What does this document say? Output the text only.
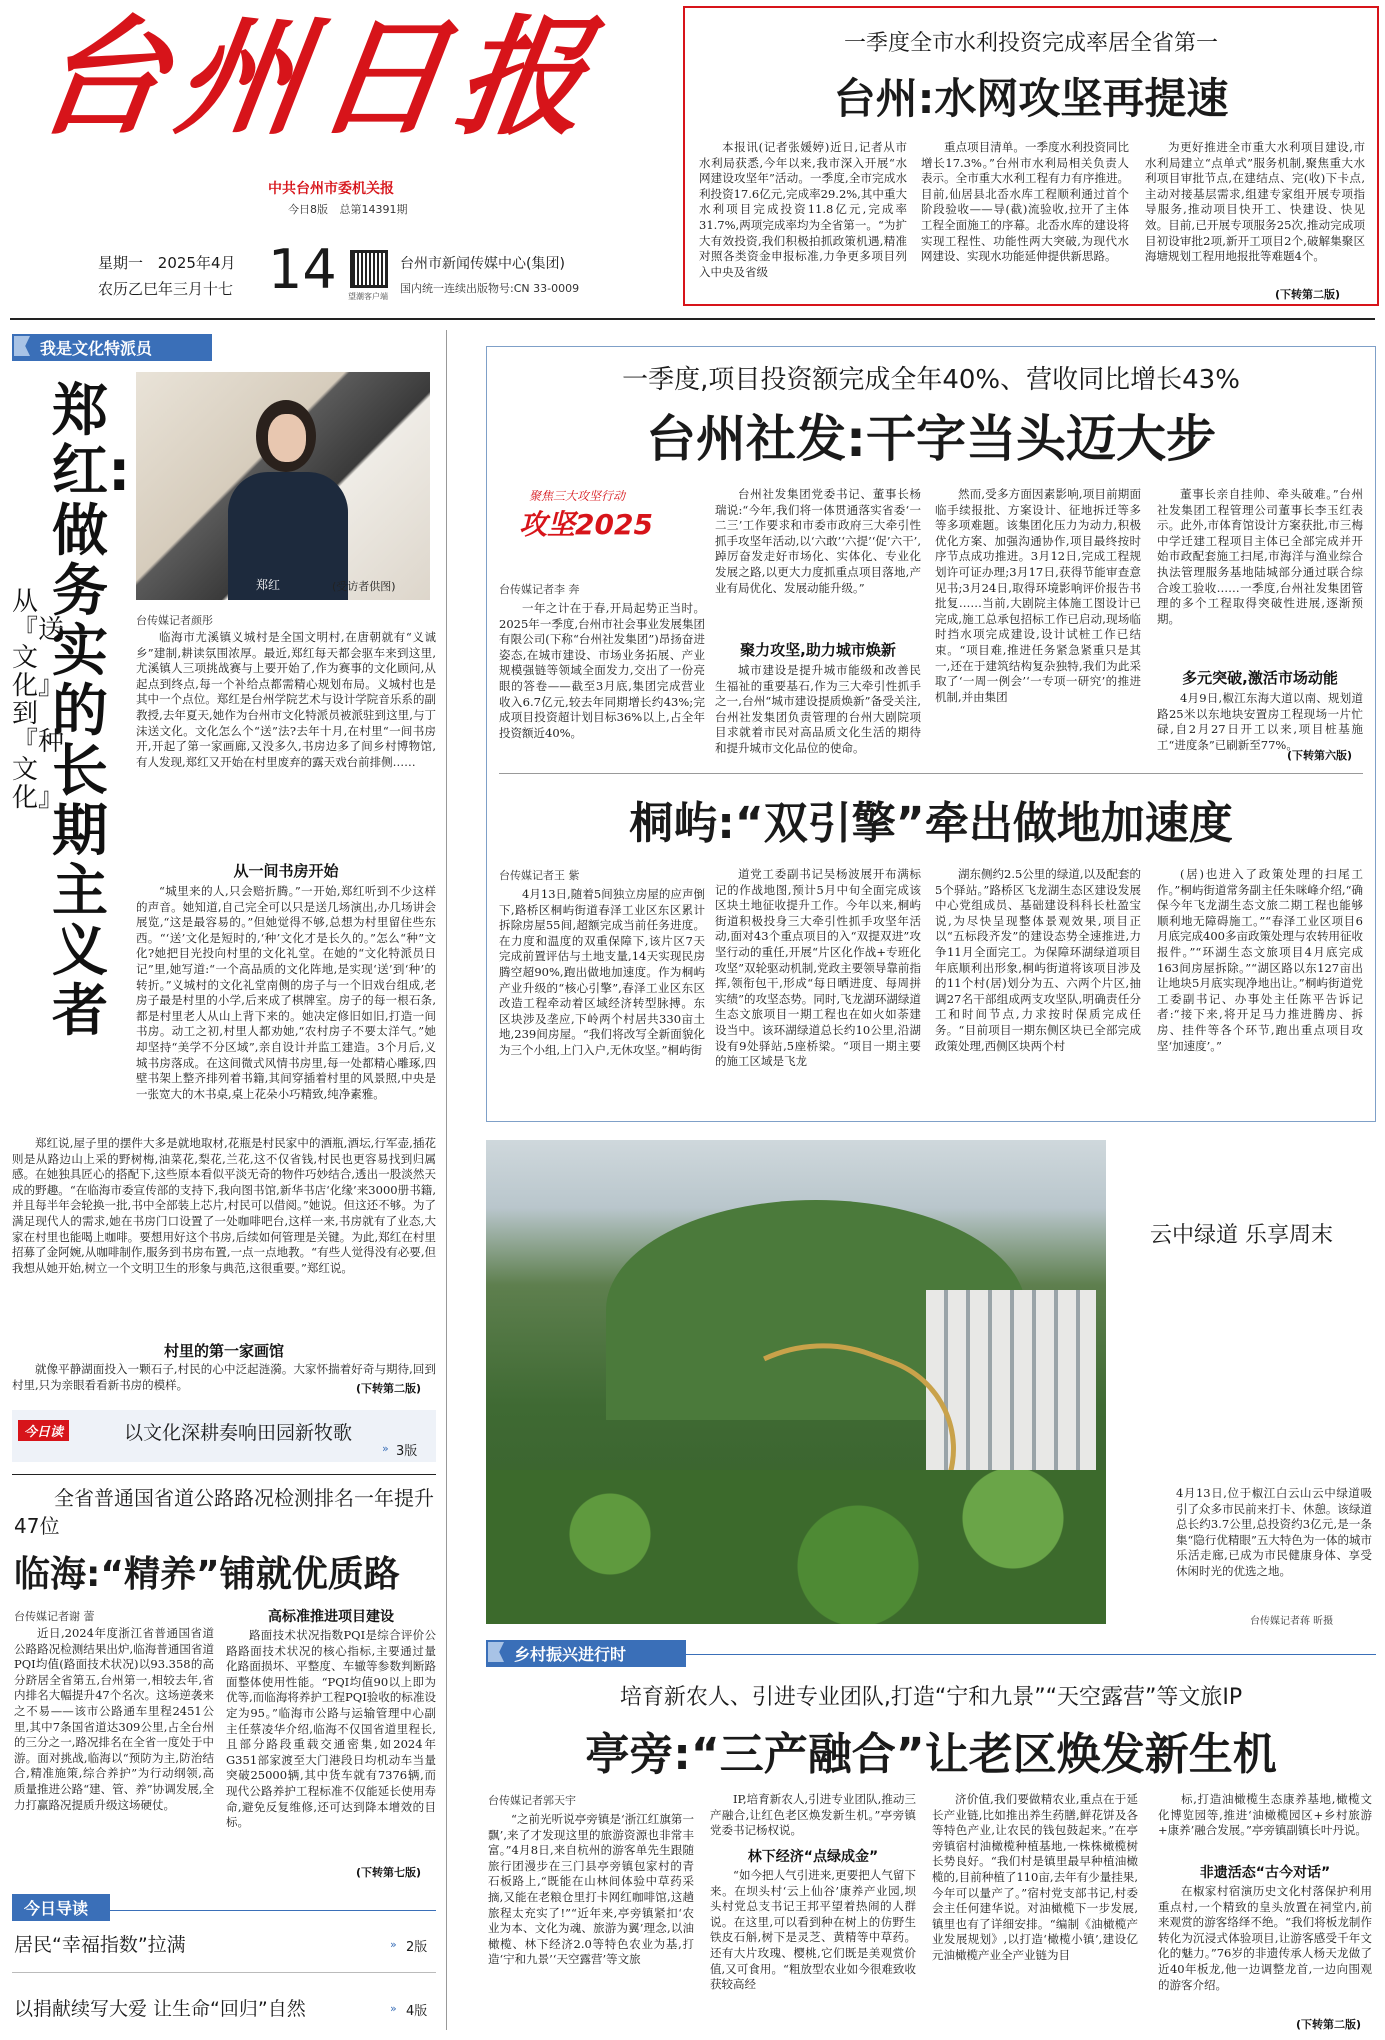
台州日报
中共台州市委机关报
今日8版 总第14391期
星期一 2025年4月
农历乙巳年三月十七 14 望潮客户端
台州市新闻传媒中心(集团)
国内统一连续出版物号:CN 33-0009
一季度全市水利投资完成率居全省第一
台州:水网攻坚再提速
本报讯(记者张媛婷)近日,记者从市水利局获悉,今年以来,我市深入开展“水网建设攻坚年”活动。一季度,全市完成水利投资17.6亿元,完成率29.2%,其中重大水利项目完成投资11.8亿元,完成率31.7%,两项完成率均为全省第一。“为扩大有效投资,我们积极拍抓政策机遇,精准对照各类资金申报标准,力争更多项目列入中央及省级
重点项目清单。一季度水利投资同比增长17.3%。”台州市水利局相关负责人表示。全市重大水利工程有力有序推进。目前,仙居县北岙水库工程顺利通过首个阶段验收——导(截)流验收,拉开了主体工程全面施工的序幕。北岙水库的建设将实现工程性、功能性两大突破,为现代水网建设、实现水功能延伸提供新思路。
为更好推进全市重大水利项目建设,市水利局建立“点单式”服务机制,聚焦重大水利项目审批节点,在建结点、完(收)下卡点,主动对接基层需求,组建专家组开展专项指导服务,推动项目快开工、快建设、快见效。目前,已开展专项服务25次,推动完成项目初设审批2项,新开工项目2个,破解集聚区海塘规划工程用地报批等难题4个。
(下转第二版)
我是文化特派员
郑红:做务实的长期主义者
从『送文化』到『种文化』
郑红	(受访者供图)
台传媒记者颜彤
临海市尤溪镇义城村是全国文明村,在唐朝就有“义诚乡”建制,耕读氛围浓厚。最近,郑红每天都会驱车来到这里,尤溪镇人三项挑战赛与上要开始了,作为赛事的文化顾问,从起点到终点,每一个补给点都需精心规划布局。义城村也是其中一个点位。郑红是台州学院艺术与设计学院音乐系的副教授,去年夏天,她作为台州市文化特派员被派驻到这里,与丁沫送文化。文化怎么个“送”法?去年十月,在村里“一间书房开,开起了第一家画廊,又没多久,书房边多了间乡村博物馆,有人发现,郑红又开始在村里废弃的露天戏台前排侧……
从一间书房开始
“城里来的人,只会赔折腾。”一开始,郑红听到不少这样的声音。她知道,自己完全可以只是送几场演出,办几场讲会展览,“这是最容易的。”但她觉得不够,总想为村里留住些东西。“‘送’文化是短时的,‘种’文化才是长久的。”怎么“种”文化?她把目光投向村里的文化礼堂。在她的“文化特派员日记”里,她写道:“一个高品质的文化阵地,是实现‘送’到‘种’的转折。”义城村的文化礼堂南侧的房子与一个旧戏台组成,老房子最是村里的小学,后来成了棋牌室。房子的每一根石条,都是村里老人从山上背下来的。她决定修旧如旧,打造一间书房。动工之初,村里人都劝她,“农村房子不要太洋气。”她却坚持“美学不分区域”,亲自设计并监工建造。3个月后,义城书房落成。在这间微式风情书房里,每一处都精心雕琢,四壁书架上整齐排列着书籍,其间穿插着村里的风景照,中央是一张宽大的木书桌,桌上花朵小巧精致,纯净素雅。
郑红说,屋子里的摆件大多是就地取材,花瓶是村民家中的酒瓶,酒坛,行军壶,插花则是从路边山上采的野树梅,油菜花,梨花,兰花,这不仅省钱,村民也更容易找到归属感。在她独具匠心的搭配下,这些原本看似平淡无奇的物件巧妙结合,透出一股淡然天成的野趣。“在临海市委宣传部的支持下,我向图书馆,新华书店‘化缘’来3000册书籍,并且每半年会轮换一批,书中全部装上芯片,村民可以借阅。”她说。但这还不够。为了满足现代人的需求,她在书房门口设置了一处咖啡吧台,这样一来,书房就有了业态,大家在村里也能喝上咖啡。要想用好这个书房,后续如何管理是关键。为此,郑红在村里招募了金阿婉,从咖啡制作,服务到书房布置,一点一点地教。“有些人觉得没有必要,但我想从她开始,树立一个文明卫生的形象与典范,这很重要。”郑红说。
村里的第一家画馆
就像平静湖面投入一颗石子,村民的心中泛起涟漪。大家怀揣着好奇与期待,回到村里,只为亲眼看看新书房的模样。	(下转第二版)
今日读	以文化深耕奏响田园新牧歌
» 3版
全省普通国省道公路路况检测排名一年提升47位
临海:“精养”铺就优质路
台传媒记者谢 蕾
近日,2024年度浙江省普通国省道公路路况检测结果出炉,临海普通国省道PQI均值(路面技术状况)以93.358的高分跻居全省第五,台州第一,相较去年,省内排名大幅提升47个名次。这场逆袭来之不易——该市公路通车里程2451公里,其中7条国省道达309公里,占全台州的三分之一,路况排名在全省一度处于中游。面对挑战,临海以“预防为主,防治结合,精准施策,综合养护”为行动纲领,高质量推进公路“建、管、养”协调发展,全力打赢路况提质升级这场硬仗。
高标准推进项目建设
路面技术状况指数PQI是综合评价公路路面技术状况的核心指标,主要通过量化路面损坏、平整度、车辙等参数判断路面整体使用性能。“PQI均值90以上即为优等,而临海将养护工程PQI验收的标准设定为95。”临海市公路与运输管理中心副主任蔡凌华介绍,临海不仅国省道里程长,且部分路段重载交通密集,如2024年G351部家渡至大门港段日均机动车当量突破25000辆,其中货车就有7376辆,而现代公路养护工程标准不仅能延长使用寿命,避免反复维修,还可达到降本增效的目标。
(下转第七版)
今日导读
居民“幸福指数”拉满	2版
»
以捐献续写大爱 让生命“回归”自然	4版
»
一季度,项目投资额完成全年40%、营收同比增长43%
台州社发:干字当头迈大步
聚焦三大攻坚行动
攻坚2025
台传媒记者李 奔
一年之计在于春,开局起势正当时。2025年一季度,台州市社会事业发展集团有限公司(下称“台州社发集团”)昂扬奋进姿态,在城市建设、市场业务拓展、产业规模强链等领域全面发力,交出了一份亮眼的答卷——截至3月底,集团完成营业收入6.7亿元,较去年同期增长约43%;完成项目投资超计划目标36%以上,占全年投资额近40%。
台州社发集团党委书记、董事长杨瑞说:“今年,我们将一体贯通落实省委‘一二三’工作要求和市委市政府三大牵引性抓手攻坚年活动,以‘六敢’‘六提’‘促’六干’,踔厉奋发走好市场化、实体化、专业化发展之路,以更大力度抓重点项目落地,产业有局优化、发展动能升级。”
聚力攻坚,助力城市焕新
城市建设是提升城市能级和改善民生福祉的重要基石,作为三大牵引性抓手之一,台州“城市建设提质焕新”备受关注,台州社发集团负责管理的台州大剧院项目求就着市民对高品质文化生活的期待和提升城市文化品位的使命。
然而,受多方面因素影响,项目前期面临手续报批、方案设计、征地拆迁等多等多项难题。该集团化压力为动力,积极优化方案、加强沟通协作,项目最终按时序节点成功推进。3月12日,完成工程规划许可证办理;3月17日,获得节能审查意见书;3月24日,取得环境影响评价报告书批复……当前,大剧院主体施工图设计已完成,施工总承包招标工作已启动,现场临时挡水项完成建设,设计试桩工作已结束。“项目难,推进任务紧急紧重只是其一,还在于建筑结构复杂独特,我们为此采取了‘一周一例会’‘一专项一研究’的推进机制,并由集团
董事长亲自挂帅、牵头破难。”台州社发集团工程管理公司董事长李玉红表示。此外,市体育馆设计方案获批,市三梅中学迁建工程项目主体已全部完成并开始市政配套施工扫尾,市海洋与渔业综合执法管理服务基地陆城部分通过联合综合竣工验收……一季度,台州社发集团管理的多个工程取得突破性进展,逐渐预期。
多元突破,激活市场动能
4月9日,椒江东海大道以南、规划道路25米以东地块安置房工程现场一片忙碌,自2月27日开工以来,项目桩基施工“进度条”已刷新至77%。
(下转第六版)
桐屿:“双引擎”牵出做地加速度
台传媒记者王 紫
4月13日,随着5间独立房屋的应声倒下,路桥区桐屿街道春泽工业区东区累计拆除房屋55间,超额完成当前任务进度。在力度和温度的双重保障下,该片区7天完成前置评估与土地支量,14天实现民房腾空超90%,跑出做地加速度。作为桐屿产业升级的“核心引擎”,春泽工业区东区改造工程牵动着区域经济转型脉搏。东区块涉及垄应,下岭两个村居共330亩土地,239间房屋。“我们将改写全新面貌化为三个小组,上门入户,无休攻坚。”桐屿街
道党工委副书记吴杨波展开布满标记的作战地图,预计5月中旬全面完成该区块土地征收提升工作。今年以来,桐屿街道积极投身三大牵引性抓手攻坚年活动,面对43个重点项目的入“双提双进”攻坚行动的重任,开展“片区化作战+专班化攻坚”双轮驱动机制,党政主要领导靠前指挥,领衔包干,形成“每日晒进度、每周拼实绩”的攻坚态势。同时,飞龙湖环湖绿道生态文旅项目一期工程也在如火如荼建设当中。该环湖绿道总长约10公里,沿湖设有9处驿站,5座桥梁。“项目一期主要的施工区域是飞龙
湖东侧约2.5公里的绿道,以及配套的5个驿站。”路桥区飞龙湖生态区建设发展中心党组成员、基础建设科科长杜盈宝说,为尽快呈现整体景观效果,项目正以“五标段齐发”的建设态势全速推进,力争11月全面完工。为保障环湖绿道项目年底顺利出形象,桐屿街道将该项目涉及的11个村(居)划分为五、六两个片区,抽调27名干部组成两支攻坚队,明确责任分工和时间节点,力求按时保质完成任务。“目前项目一期东侧区块已全部完成政策处理,西侧区块两个村
(居)也进入了政策处理的扫尾工作。”桐屿街道常务副主任朱咪峰介绍,“确保今年飞龙湖生态文旅二期工程也能够顺利地无障碍施工。”“春泽工业区项目6月底完成400多亩政策处理与农转用征收报件。”“环湖生态文旅项目4月底完成163间房屋拆除。”“湖区路以东127亩出让地块5月底实现净地出让。”桐屿街道党工委副书记、办事处主任陈平告诉记者:“接下来,将开足马力推进腾房、拆房、挂件等各个环节,跑出重点项目攻坚‘加速度’。”
云中绿道 乐享周末
4月13日,位于椒江白云山云中绿道吸引了众多市民前来打卡、休憩。该绿道总长约3.7公里,总投资约3亿元,是一条集“隐行优精眼”五大特色为一体的城市乐活走廊,已成为市民健康身体、享受休闲时光的优选之地。
台传媒记者蒋 昕摄
乡村振兴进行时
培育新农人、引进专业团队,打造“宁和九景”“天空露营”等文旅IP
亭旁:“三产融合”让老区焕发新生机
台传媒记者郭天宇
“之前光听说亭旁镇是‘浙江红旗第一飘’,来了才发现这里的旅游资源也非常丰富。”4月8日,来自杭州的游客单先生跟随旅行团漫步在三门县亭旁镇包家村的青石板路上,“既能在山林间体验中草药采摘,又能在老粮仓里打卡网红咖啡馆,这趟旅程太充实了!”“近年来,亭旁镇紧扣‘农业为本、文化为魂、旅游为翼’理念,以油橄榄、林下经济2.0等特色农业为基,打造‘宁和九景’‘天空露营’等文旅
IP,培育新农人,引进专业团队,推动三产融合,让红色老区焕发新生机。”亭旁镇党委书记杨权说。
林下经济“点绿成金”
“如今把人气引进来,更要把人气留下来。在坝头村‘云上仙谷’康养产业园,坝头村党总支书记王邦平望着热闹的人群说。在这里,可以看到种在树上的仿野生铁皮石斛,树下是灵芝、黄精等中草药。还有大片玫瑰、樱桃,它们既是美观赏价值,又可食用。“粗放型农业如今很难致收获较高经
济价值,我们要做精农业,重点在于延长产业链,比如推出养生药膳,鲜花饼及各等特色产业,让农民的钱包鼓起来。”在亭旁镇宿村油橄榄种植基地,一株株橄榄树长势良好。“我们村是镇里最早种植油橄榄的,目前种植了110亩,去年有少量挂果,今年可以量产了。”宿村党支部书记,村委会主任何建华说。对油橄榄下一步发展,镇里也有了详细安排。“编制《油橄榄产业发展规划》,以打造‘橄榄小镇’,建设亿元油橄榄产业全产业链为目
标,打造油橄榄生态康养基地,橄榄文化博览园等,推进‘油橄榄园区+乡村旅游+康养’融合发展。”亭旁镇副镇长叶丹说。
非遗活态“古今对话”
在椒家村宿演历史文化村落保护利用重点村,一个精致的皇头放置在祠堂内,前来观赏的游客络绎不绝。“我们将板龙制作转化为沉浸式体验项目,让游客感受千年文化的魅力。”76岁的非遗传承人杨天龙做了近40年板龙,他一边调整龙首,一边向围观的游客介绍。
(下转第二版)
